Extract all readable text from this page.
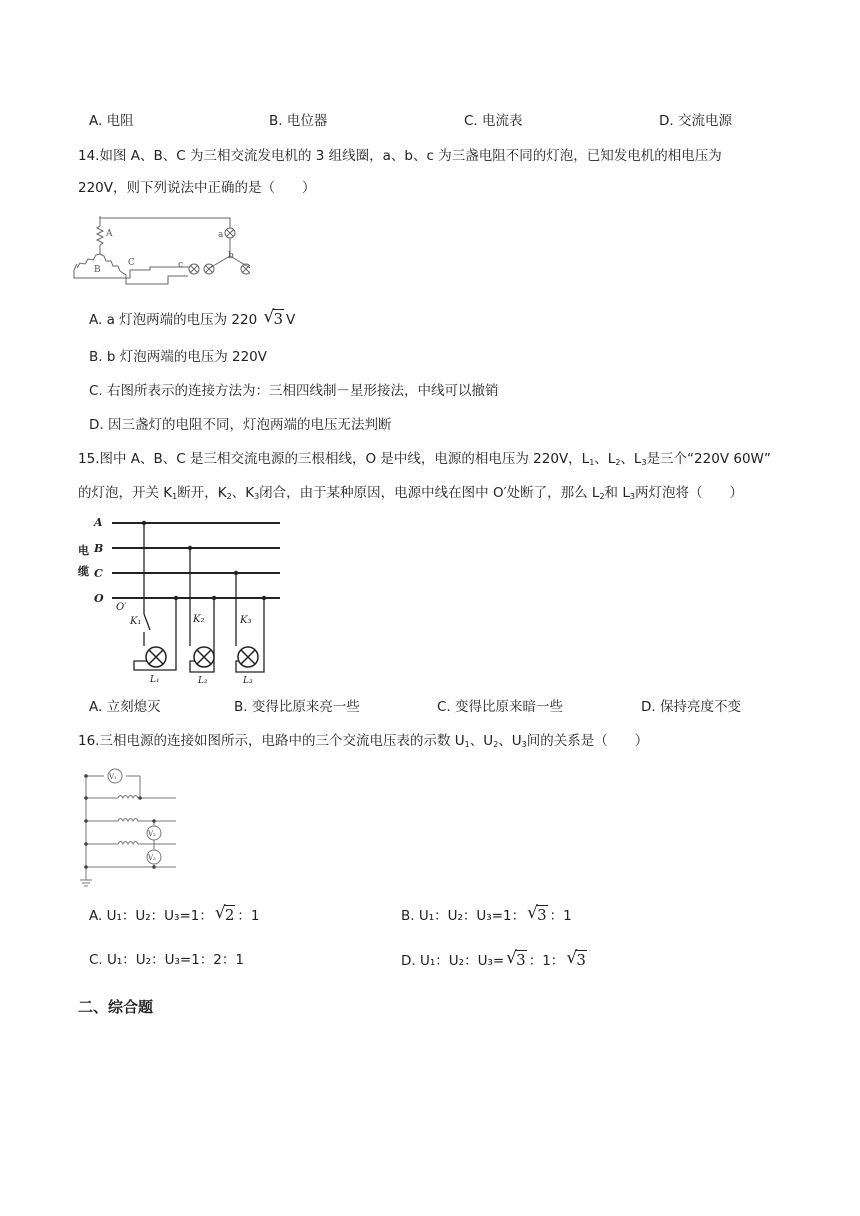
A. 电阻	B. 电位器	C. 电流表	D. 交流电源
14.如图 A、B、C 为三相交流发电机的 3 组线圈，a、b、c 为三盏电阻不同的灯泡，已知发电机的相电压为
220V，则下列说法中正确的是（　　）
A
B
C
a
b
c
A. a 灯泡两端的电压为 220 √ 3 V
B. b 灯泡两端的电压为 220V
C. 右图所表示的连接方法为：三相四线制－星形接法，中线可以撤销
D. 因三盏灯的电阻不同，灯泡两端的电压无法判断
15.图中 A、B、C 是三相交流电源的三根相线，O 是中线，电源的相电压为 220V，$L_1$、$L_2$、$L_3$是三个“220V 60W”
的灯泡，开关 $K_1$断开，$K_2$、$K_3$闭合，由于某种原因，电源中线在图中 O′处断了，那么 $L_2$和 $L_3$两灯泡将（　　）
A
B
C
O
电
缆
O′
K₁	K₂	K₃
L₁	L₂	L₃
A. 立刻熄灭	B. 变得比原来亮一些	C. 变得比原来暗一些	D. 保持亮度不变
16.三相电源的连接如图所示，电路中的三个交流电压表的示数 $U_1$、$U_2$、$U_3$间的关系是（　　）
V₁
V₂
V₃
A. U₁：U₂：U₃=1： √ 2 ：1	B. U₁：U₂：U₃=1： √ 3 ：1
C. U₁：U₂：U₃=1：2：1	D. U₁：U₂：U₃= √ 3 ：1： √ 3
二、综合题
